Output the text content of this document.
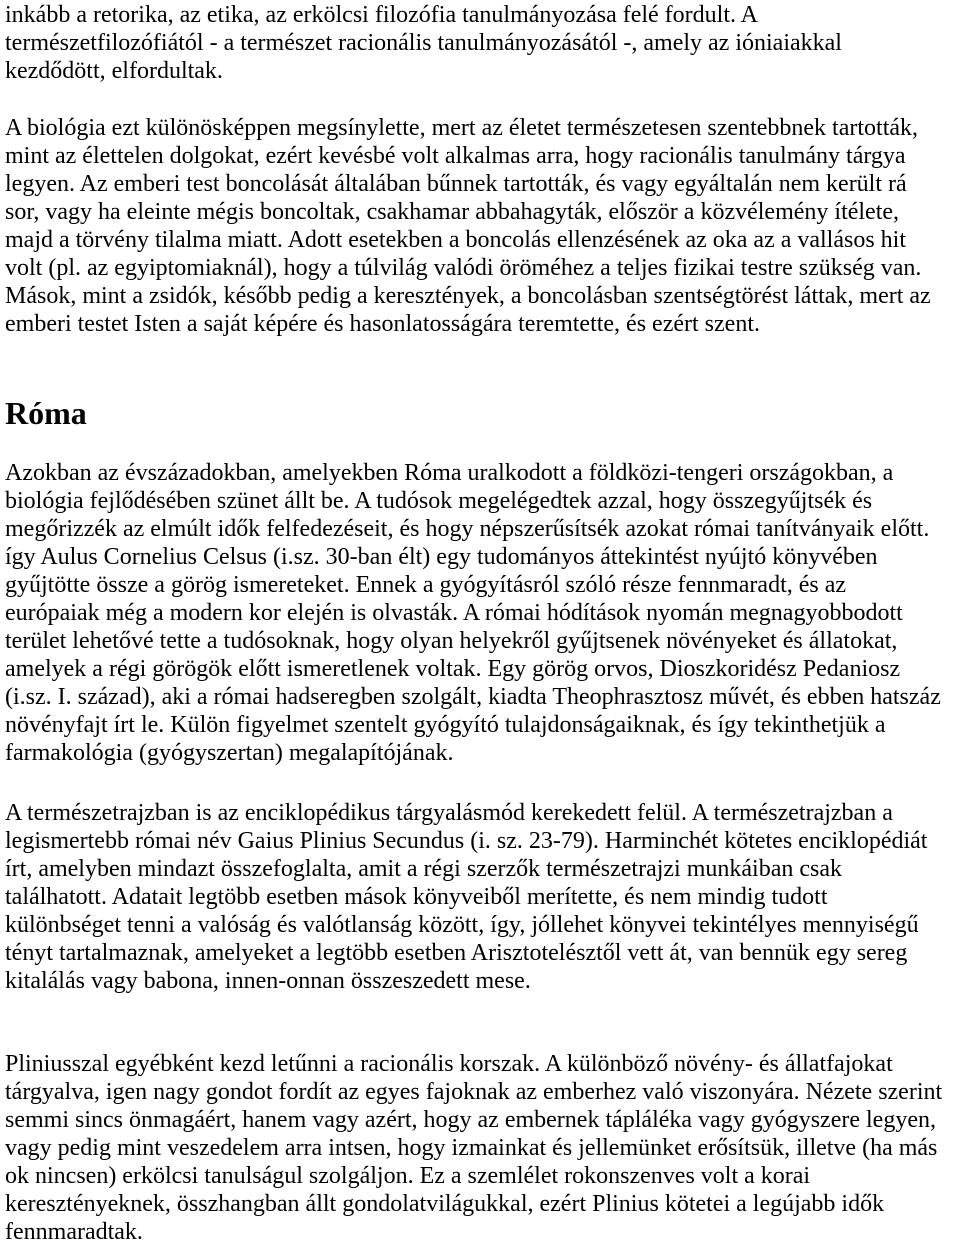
inkább a retorika, az etika, az erkölcsi filozófia tanulmányozása felé fordult. A
természetfilozófiától - a természet racionális tanulmányozásától -, amely az ióniaiakkal
kezdődött, elfordultak.
A biológia ezt különösképpen megsínylette, mert az életet természetesen szentebbnek tartották,
mint az élettelen dolgokat, ezért kevésbé volt alkalmas arra, hogy racionális tanulmány tárgya
legyen. Az emberi test boncolását általában bűnnek tartották, és vagy egyáltalán nem került rá
sor, vagy ha eleinte mégis boncoltak, csakhamar abbahagyták, először a közvélemény ítélete,
majd a törvény tilalma miatt. Adott esetekben a boncolás ellenzésének az oka az a vallásos hit
volt (pl. az egyiptomiaknál), hogy a túlvilág valódi öröméhez a teljes fizikai testre szükség van.
Mások, mint a zsidók, később pedig a keresztények, a boncolásban szentségtörést láttak, mert az
emberi testet Isten a saját képére és hasonlatosságára teremtette, és ezért szent.
Róma
Azokban az évszázadokban, amelyekben Róma uralkodott a földközi-tengeri országokban, a
biológia fejlődésében szünet állt be. A tudósok megelégedtek azzal, hogy összegyűjtsék és
megőrizzék az elmúlt idők felfedezéseit, és hogy népszerűsítsék azokat római tanítványaik előtt.
így Aulus Cornelius Celsus (i.sz. 30-ban élt) egy tudományos áttekintést nyújtó könyvében
gyűjtötte össze a görög ismereteket. Ennek a gyógyításról szóló része fennmaradt, és az
európaiak még a modern kor elején is olvasták. A római hódítások nyomán megnagyobbodott
terület lehetővé tette a tudósoknak, hogy olyan helyekről gyűjtsenek növényeket és állatokat,
amelyek a régi görögök előtt ismeretlenek voltak. Egy görög orvos, Dioszkoridész Pedaniosz
(i.sz. I. század), aki a római hadseregben szolgált, kiadta Theophrasztosz művét, és ebben hatszáz
növényfajt írt le. Külön figyelmet szentelt gyógyító tulajdonságaiknak, és így tekinthetjük a
farmakológia (gyógyszertan) megalapítójának.
A természetrajzban is az enciklopédikus tárgyalásmód kerekedett felül. A természetrajzban a
legismertebb római név Gaius Plinius Secundus (i. sz. 23-79). Harminchét kötetes enciklopédiát
írt, amelyben mindazt összefoglalta, amit a régi szerzők természetrajzi munkáiban csak
találhatott. Adatait legtöbb esetben mások könyveiből merítette, és nem mindig tudott
különbséget tenni a valóság és valótlanság között, így, jóllehet könyvei tekintélyes mennyiségű
tényt tartalmaznak, amelyeket a legtöbb esetben Arisztotelésztől vett át, van bennük egy sereg
kitalálás vagy babona, innen-onnan összeszedett mese.
Pliniusszal egyébként kezd letűnni a racionális korszak. A különböző növény- és állatfajokat
tárgyalva, igen nagy gondot fordít az egyes fajoknak az emberhez való viszonyára. Nézete szerint
semmi sincs önmagáért, hanem vagy azért, hogy az embernek tápláléka vagy gyógyszere legyen,
vagy pedig mint veszedelem arra intsen, hogy izmainkat és jellemünket erősítsük, illetve (ha más
ok nincsen) erkölcsi tanulságul szolgáljon. Ez a szemlélet rokonszenves volt a korai
keresztényeknek, összhangban állt gondolatvilágukkal, ezért Plinius kötetei a legújabb idők
fennmaradtak.
